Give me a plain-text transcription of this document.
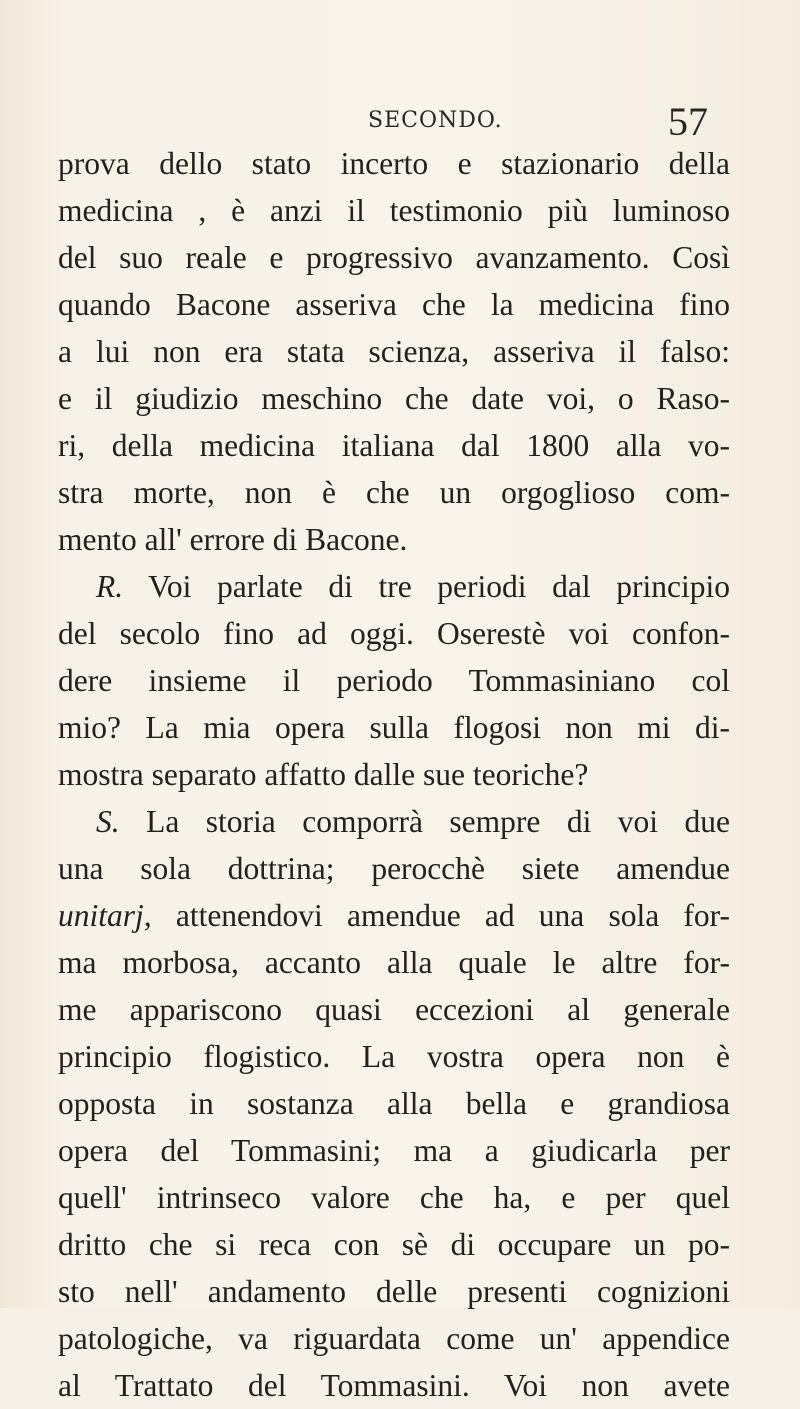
SECONDO.	57
prova dello stato incerto e stazionario della
medicina , è anzi il testimonio più luminoso
del suo reale e progressivo avanzamento. Così
quando Bacone asseriva che la medicina fino
a lui non era stata scienza, asseriva il falso:
e il giudizio meschino che date voi, o Raso-
ri, della medicina italiana dal 1800 alla vo-
stra morte, non è che un orgoglioso com-
mento all' errore di Bacone.
R. Voi parlate di tre periodi dal principio
del secolo fino ad oggi. Oserestè voi confon-
dere insieme il periodo Tommasiniano col
mio? La mia opera sulla flogosi non mi di-
mostra separato affatto dalle sue teoriche?
S. La storia comporrà sempre di voi due
una sola dottrina; perocchè siete amendue
unitarj, attenendovi amendue ad una sola for-
ma morbosa, accanto alla quale le altre for-
me appariscono quasi eccezioni al generale
principio flogistico. La vostra opera non è
opposta in sostanza alla bella e grandiosa
opera del Tommasini; ma a giudicarla per
quell' intrinseco valore che ha, e per quel
dritto che si reca con sè di occupare un po-
sto nell' andamento delle presenti cognizioni
patologiche, va riguardata come un' appendice
al Trattato del Tommasini. Voi non avete
